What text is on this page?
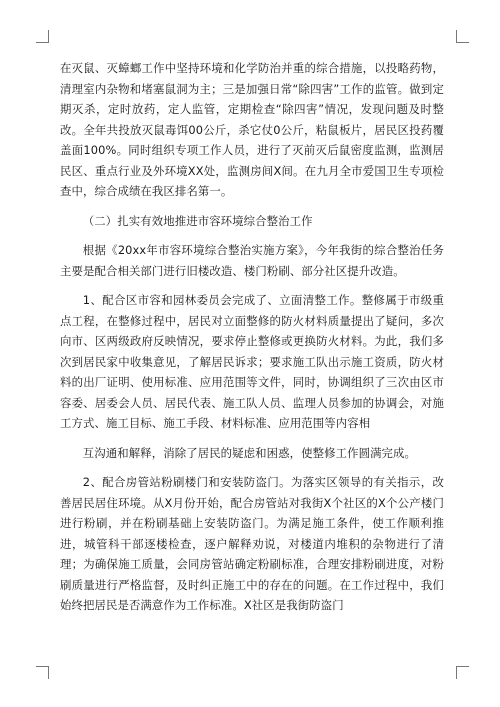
在灭鼠、灭蟑螂工作中坚持环境和化学防治并重的综合措施，以投略药物，清理室内杂物和堵塞鼠洞为主；三是加强日常“除四害”工作的监管。做到定期灭杀，定时放药，定人监管，定期检查“除四害”情况，发现问题及时整改。全年共投放灭鼠毒饵00公斤，杀它仗0公斤，粘鼠板片，居民区投药覆盖面100%。同时组织专项工作人员，进行了灭前灭后鼠密度监测，监测居民区、重点行业及外环境XX处，监测房间X间。在九月全市爱国卫生专项检查中，综合成绩在我区排名第一。

（二）扎实有效地推进市容环境综合整治工作

根据《20xx年市容环境综合整治实施方案》，今年我街的综合整治任务主要是配合相关部门进行旧楼改造、楼门粉刷、部分社区提升改造。

1、配合区市容和园林委员会完成了、立面清整工作。整修属于市级重点工程，在整修过程中，居民对立面整修的防火材料质量提出了疑问，多次向市、区两级政府反映情况，要求停止整修或更换防火材料。为此，我们多次到居民家中收集意见，了解居民诉求；要求施工队出示施工资质，防火材料的出厂证明、使用标准、应用范围等文件，同时，协调组织了三次由区市容委、居委会人员、居民代表、施工队人员、监理人员参加的协调会，对施工方式、施工目标、施工手段、材料标准、应用范围等内容相

互沟通和解释，消除了居民的疑虑和困惑，使整修工作圆满完成。

2、配合房管站粉刷楼门和安装防盗门。为落实区领导的有关指示，改善居民居住环境。从X月份开始，配合房管站对我街X个社区的X个公产楼门进行粉刷，并在粉刷基础上安装防盗门。为满足施工条件，使工作顺利推进，城管科干部逐楼检查，逐户解释劝说，对楼道内堆积的杂物进行了清理；为确保施工质量，会同房管站确定粉刷标准，合理安排粉刷进度，对粉刷质量进行严格监督，及时纠正施工中的存在的问题。在工作过程中，我们始终把居民是否满意作为工作标准。X社区是我街防盗门
